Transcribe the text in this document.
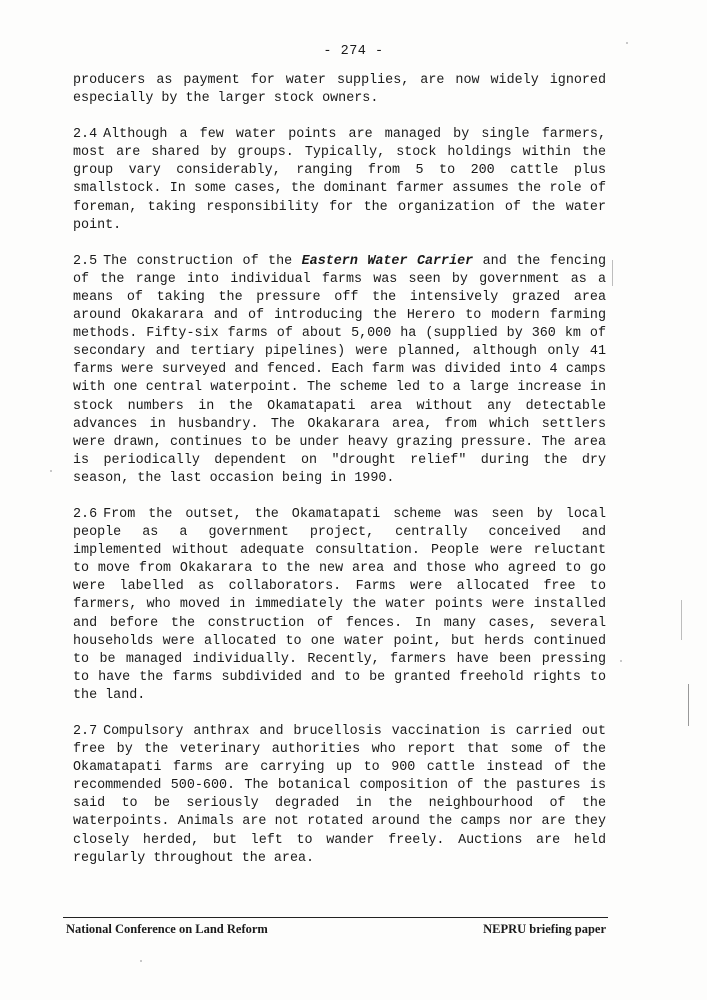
- 274 -

producers as payment for water supplies, are now widely ignored especially by the larger stock owners.

2.4 Although a few water points are managed by single farmers, most are shared by groups. Typically, stock holdings within the group vary considerably, ranging from 5 to 200 cattle plus smallstock. In some cases, the dominant farmer assumes the role of foreman, taking responsibility for the organization of the water point.

2.5 The construction of the Eastern Water Carrier and the fencing of the range into individual farms was seen by government as a means of taking the pressure off the intensively grazed area around Okakarara and of introducing the Herero to modern farming methods. Fifty-six farms of about 5,000 ha (supplied by 360 km of secondary and tertiary pipelines) were planned, although only 41 farms were surveyed and fenced. Each farm was divided into 4 camps with one central waterpoint. The scheme led to a large increase in stock numbers in the Okamatapati area without any detectable advances in husbandry. The Okakarara area, from which settlers were drawn, continues to be under heavy grazing pressure. The area is periodically dependent on "drought relief" during the dry season, the last occasion being in 1990.

2.6 From the outset, the Okamatapati scheme was seen by local people as a government project, centrally conceived and implemented without adequate consultation. People were reluctant to move from Okakarara to the new area and those who agreed to go were labelled as collaborators. Farms were allocated free to farmers, who moved in immediately the water points were installed and before the construction of fences. In many cases, several households were allocated to one water point, but herds continued to be managed individually. Recently, farmers have been pressing to have the farms subdivided and to be granted freehold rights to the land.

2.7 Compulsory anthrax and brucellosis vaccination is carried out free by the veterinary authorities who report that some of the Okamatapati farms are carrying up to 900 cattle instead of the recommended 500-600. The botanical composition of the pastures is said to be seriously degraded in the neighbourhood of the waterpoints. Animals are not rotated around the camps nor are they closely herded, but left to wander freely. Auctions are held regularly throughout the area.

National Conference on Land Reform	NEPRU briefing paper
